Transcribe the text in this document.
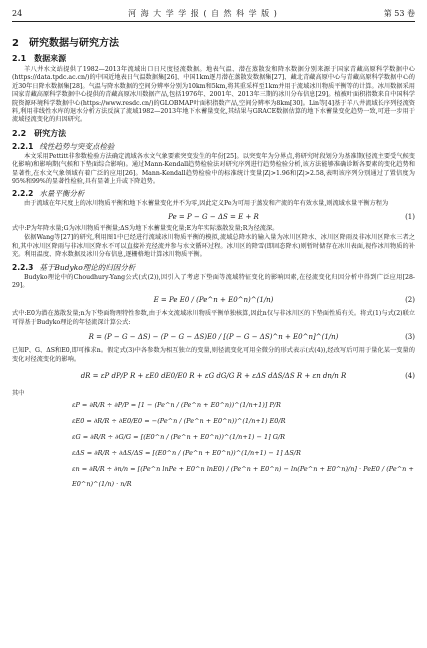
24	河 海 大 学 学 报 ( 自 然 科 学 版 )	第 53 卷
2　研究数据与研究方法
2.1　数据来源

羊八井水文站提供了1982—2013年流域出口日尺度径流数据。地表气温、潜在蒸散发和降水数据分别来源于国家青藏高原科学数据中心(https://data.tpdc.ac.cn/)的中国近地表日气温数据集[26]、中国1km逐月潜在蒸散发数据集[27]、藏北青藏高原中心与青藏高原科学数据中心的近30年日降水数据集[28]。气温与降水数据的空间分辨率分别为10km和5km,将其重采样至1km并用于流域冰川物质平衡等的计算。冰川数据采用国家青藏高原科学数据中心提供的青藏高原冰川数据产品,包括1976年、2001年、2013年三期的冰川分布信息[29]。植被叶面积指数来自中国科学院资源环境科学数据中心(https://www.resdc.cn/)的GLOBMAP叶面积指数产品,空间分辨率为8km[30]。Lin等[4]基于羊八井流域长序列径流资料,利用非线性水库的退水分析方法反演了流域1982—2013年地下水蓄量变化,其结果与GRACE数据估算的地下水蓄量变化趋势一致,可进一步用于流域径流变化的归因研究。

2.2　研究方法
2.2.1 线性趋势与突变点检验

本文采用Pettitt非参数检验方法确定流域各水文气象要素突变发生的年份[25]。以突变年为分界点,将研究时段划分为基准期(径流主要受气候变化影响)和影响期(气候和下垫面综合影响)。通过Mann-Kendall趋势检验法对研究序列进行趋势检验分析,该方法能够准确诊断各要素的变化趋势和显著性,在水文气象领域有着广泛的应用[26]。Mann-Kendall趋势检验中的标准统计变量|Z|>1.96和|Z|>2.58,表明该序列分别通过了置信度为95%和99%的显著性检验,具有显著上升或下降趋势。

2.2.2 水量平衡分析

由于流域在年尺度上的冰川物质平衡和地下水蓄量变化并不为零,因此定义Pe为可用于蒸发和产流的年有效水量,则流域水量平衡方程为

Pe = P − G − ΔS = E + R	(1)

式中:P为年降水量;G为冰川物质平衡量;ΔS为地下水蓄量变化量;E为年实际蒸散发量;R为径流深。

依据Wang等[27]的研究,利用图1中已经进行流域冰川物质平衡的模拟,流域总降水的输入量为冰川区降水、冰川区降雨及非冰川区降水三者之和,其中冰川区降雨与非冰川区降水不可以直接补充径流并参与水文循环过程。冰川区的降雪(即固态降水)则暂时储存在冰川表面,视作冰川物质的补充。利用温度、降水数据及冰川分布信息,逐栅格地计算冰川物质平衡。

2.2.3 基于Budyko理论的归因分析

Budyko理论中的Choudhury-Yang公式(式(2)),因引入了考虑下垫面等流域特征变化的影响因素,在径流变化归因分析中得到广泛应用[28-29]。

E = Pe E0 / (Pe^n + E0^n)^(1/n)	(2)

式中:E0为潜在蒸散发量;n为下垫面物理特性参数,由于本文流域冰川物质平衡单独核算,因此n仅与非冰川区的下垫面性质有关。将式(1)与式(2)联立可得基于Budyko理论的年径流深计算公式:

R = (P − G − ΔS) − (P − G − ΔS)E0 / [(P − G − ΔS)^n + E0^n]^(1/n)	(3)

已知P、G、ΔS和E0,即可推求n。假定式(3)中各参数为相互独立的变量,则径流变化可用全微分的形式表示(式(4)),经改写后可用于量化某一变量的变化对径流变化的影响。

dR = εP dP/P R + εE0 dE0/E0 R + εG dG/G R + εΔS dΔS/ΔS R + εn dn/n R	(4)
其中
εP = ∂R/R ÷ ∂P/P = [1 − (Pe^n / (Pe^n + E0^n))^(1/n+1)] P/R
εE0 = ∂R/R ÷ ∂E0/E0 = −(Pe^n / (Pe^n + E0^n))^(1/n+1) E0/R
εG = ∂R/R ÷ ∂G/G = [(E0^n / (Pe^n + E0^n))^(1/n+1) − 1] G/R
εΔS = ∂R/R ÷ ∂ΔS/ΔS = [(E0^n / (Pe^n + E0^n))^(1/n+1) − 1] ΔS/R
εn = ∂R/R ÷ ∂n/n = [(Pe^n lnPe + E0^n lnE0) / (Pe^n + E0^n) − ln(Pe^n + E0^n)/n] · PeE0 / (Pe^n + E0^n)^(1/n) · n/R
